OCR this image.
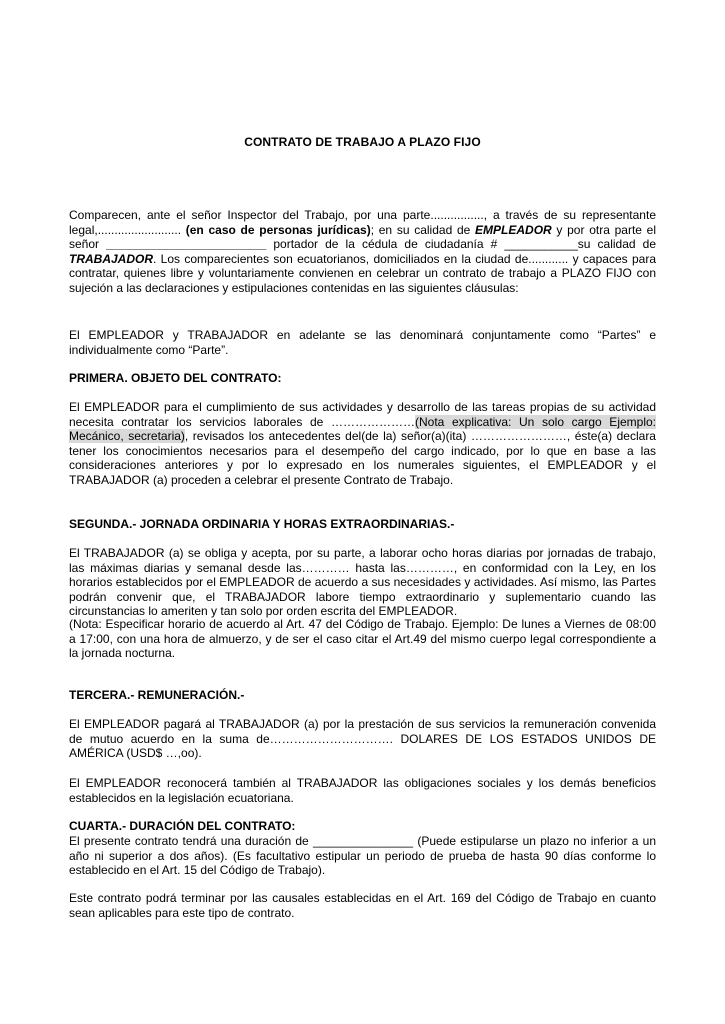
CONTRATO DE TRABAJO A PLAZO FIJO
Comparecen, ante el señor Inspector del Trabajo, por una parte................, a través de su representante legal,......................... (en caso de personas jurídicas); en su calidad de EMPLEADOR y por otra parte el señor ________________________ portador de la cédula de ciudadanía # ___________su calidad de TRABAJADOR. Los comparecientes son ecuatorianos, domiciliados en la ciudad de............ y capaces para contratar, quienes libre y voluntariamente convienen en celebrar un contrato de trabajo a PLAZO FIJO con sujeción a las declaraciones y estipulaciones contenidas en las siguientes cláusulas:
El EMPLEADOR y TRABAJADOR en adelante se las denominará conjuntamente como “Partes” e individualmente como “Parte”.
PRIMERA. OBJETO DEL CONTRATO:
El EMPLEADOR para el cumplimiento de sus actividades y desarrollo de las tareas propias de su actividad necesita contratar los servicios laborales de …………………(Nota explicativa: Un solo cargo Ejemplo: Mecánico, secretaria), revisados los antecedentes del(de la) señor(a)(ita) ……………………, éste(a) declara tener los conocimientos necesarios para el desempeño del cargo indicado, por lo que en base a las consideraciones anteriores y por lo expresado en los numerales siguientes, el EMPLEADOR y el TRABAJADOR (a) proceden a celebrar el presente Contrato de Trabajo.
SEGUNDA.- JORNADA ORDINARIA Y HORAS EXTRAORDINARIAS.-
El TRABAJADOR (a) se obliga y acepta, por su parte, a laborar ocho horas diarias por jornadas de trabajo, las máximas diarias y semanal desde las………… hasta las…………, en conformidad con la Ley, en los horarios establecidos por el EMPLEADOR de acuerdo a sus necesidades y actividades. Así mismo, las Partes podrán convenir que, el TRABAJADOR labore tiempo extraordinario y suplementario cuando las circunstancias lo ameriten y tan solo por orden escrita del EMPLEADOR.
(Nota: Especificar horario de acuerdo al Art. 47 del Código de Trabajo. Ejemplo: De lunes a Viernes de 08:00 a 17:00, con una hora de almuerzo, y de ser el caso citar el Art.49 del mismo cuerpo legal correspondiente a la jornada nocturna.
TERCERA.- REMUNERACIÓN.-
El EMPLEADOR pagará al TRABAJADOR (a) por la prestación de sus servicios la remuneración convenida de mutuo acuerdo en la suma de…………………………. DOLARES DE LOS ESTADOS UNIDOS DE AMÉRICA (USD$ …,oo).
El EMPLEADOR reconocerá también al TRABAJADOR las obligaciones sociales y los demás beneficios establecidos en la legislación ecuatoriana.
CUARTA.- DURACIÓN DEL CONTRATO:
El presente contrato tendrá una duración de _______________ (Puede estipularse un plazo no inferior a un año ni superior a dos años). (Es facultativo estipular un periodo de prueba de hasta 90 días conforme lo establecido en el Art. 15 del Código de Trabajo).
Este contrato podrá terminar por las causales establecidas en el Art. 169 del Código de Trabajo en cuanto sean aplicables para este tipo de contrato.
